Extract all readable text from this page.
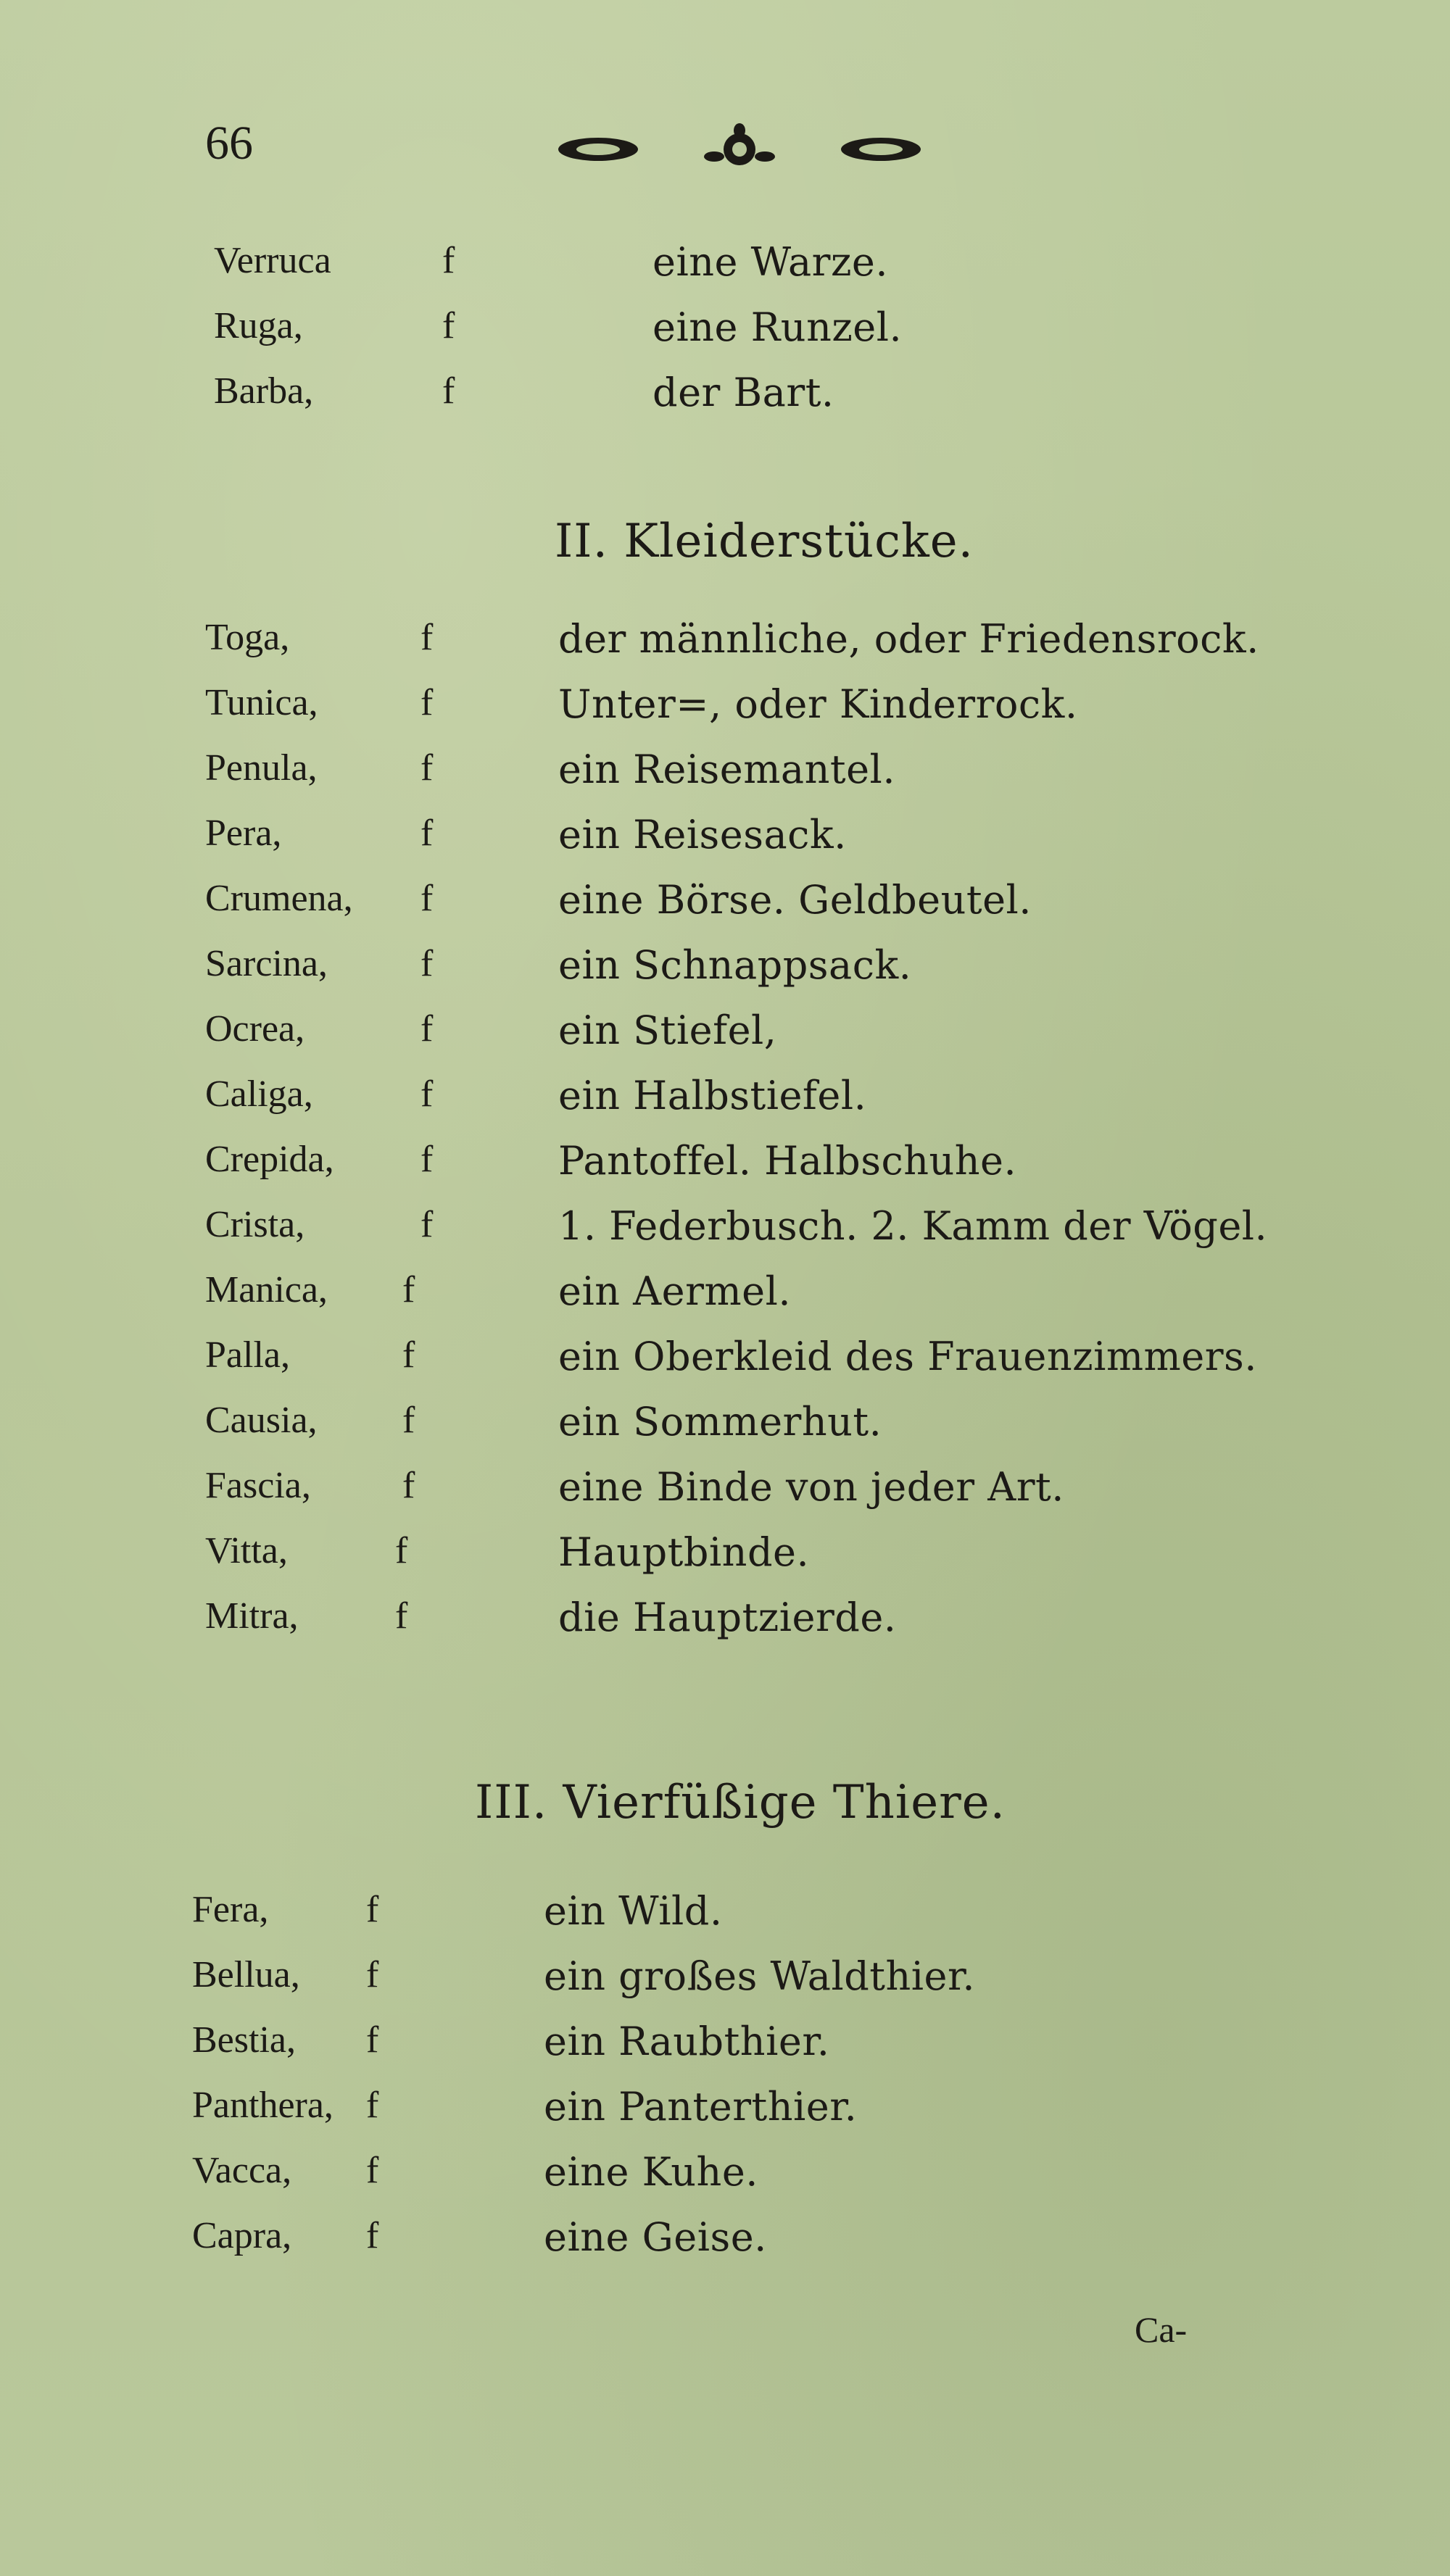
66
Verruca	f	eine Warze.
Ruga,	f	eine Runzel.
Barba,	f	der Bart.
II. Kleiderstücke.
Toga,	f	der männliche, oder Friedensrock.
Tunica,	f	Unter=, oder Kinderrock.
Penula,	f	ein Reisemantel.
Pera,	f	ein Reisesack.
Crumena, f	eine Börse. Geldbeutel.
Sarcina, f	ein Schnappsack.
Ocrea,	f	ein Stiefel,
Caliga,	f	ein Halbstiefel.
Crepida, f	Pantoffel. Halbschuhe.
Crista,	f	1. Federbusch. 2. Kamm der Vögel.
Manica, f	ein Aermel.
Palla,	f	ein Oberkleid des Frauenzimmers.
Causia, f	ein Sommerhut.
Fascia, f	eine Binde von jeder Art.
Vitta,	f	Hauptbinde.
Mitra,	f	die Hauptzierde.
III. Vierfüßige Thiere.
Fera,	f	ein Wild.
Bellua, f	ein großes Waldthier.
Bestia, f	ein Raubthier.
Panthera, f	ein Panterthier.
Vacca, f	eine Kuhe.
Capra, f	eine Geise.
Ca-
